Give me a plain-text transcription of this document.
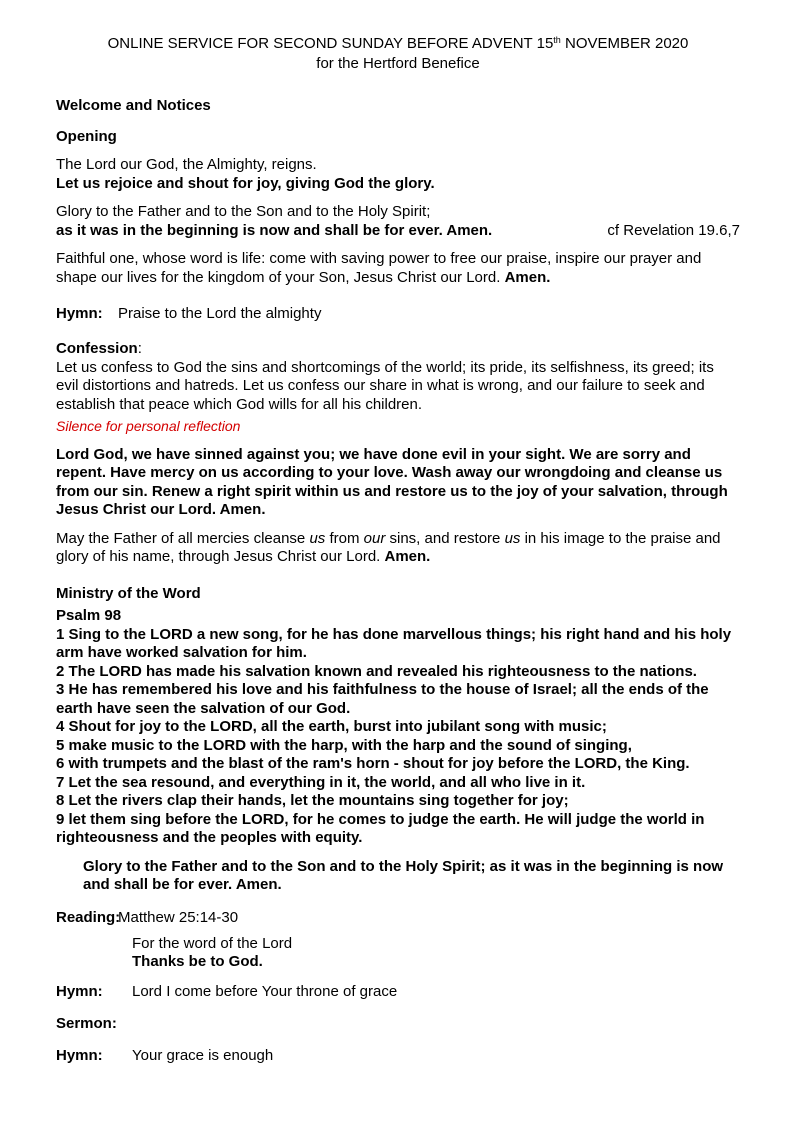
ONLINE SERVICE FOR SECOND SUNDAY BEFORE ADVENT 15th NOVEMBER 2020
for the Hertford Benefice

Welcome and Notices

Opening

The Lord our God, the Almighty, reigns.

Let us rejoice and shout for joy, giving God the glory.

Glory to the Father and to the Son and to the Holy Spirit;

as it was in the beginning is now and shall be for ever. Amen.	cf Revelation 19.6,7

Faithful one, whose word is life: come with saving power to free our praise, inspire our prayer and shape our lives for the kingdom of your Son, Jesus Christ our Lord. Amen.

Hymn:	Praise to the Lord the almighty

Confession:

Let us confess to God the sins and shortcomings of the world; its pride, its selfishness, its greed; its evil distortions and hatreds. Let us confess our share in what is wrong, and our failure to seek and establish that peace which God wills for all his children.

Silence for personal reflection

Lord God, we have sinned against you; we have done evil in your sight. We are sorry and repent. Have mercy on us according to your love. Wash away our wrongdoing and cleanse us from our sin. Renew a right spirit within us and restore us to the joy of your salvation, through Jesus Christ our Lord. Amen.

May the Father of all mercies cleanse us from our sins, and restore us in his image to the praise and glory of his name, through Jesus Christ our Lord. Amen.

Ministry of the Word

Psalm 98

1 Sing to the LORD a new song, for he has done marvellous things; his right hand and his holy arm have worked salvation for him.

2 The LORD has made his salvation known and revealed his righteousness to the nations.

3 He has remembered his love and his faithfulness to the house of Israel; all the ends of the earth have seen the salvation of our God.

4 Shout for joy to the LORD, all the earth, burst into jubilant song with music;

5 make music to the LORD with the harp, with the harp and the sound of singing,

6 with trumpets and the blast of the ram's horn - shout for joy before the LORD, the King.

7 Let the sea resound, and everything in it, the world, and all who live in it.

8 Let the rivers clap their hands, let the mountains sing together for joy;

9 let them sing before the LORD, for he comes to judge the earth. He will judge the world in righteousness and the peoples with equity.

Glory to the Father and to the Son and to the Holy Spirit; as it was in the beginning is now and shall be for ever. Amen.

Reading:
Matthew 25:14-30

For the word of the Lord

Thanks be to God.

Hymn:	Lord I come before Your throne of grace
Sermon:
Hymn:	Your grace is enough
